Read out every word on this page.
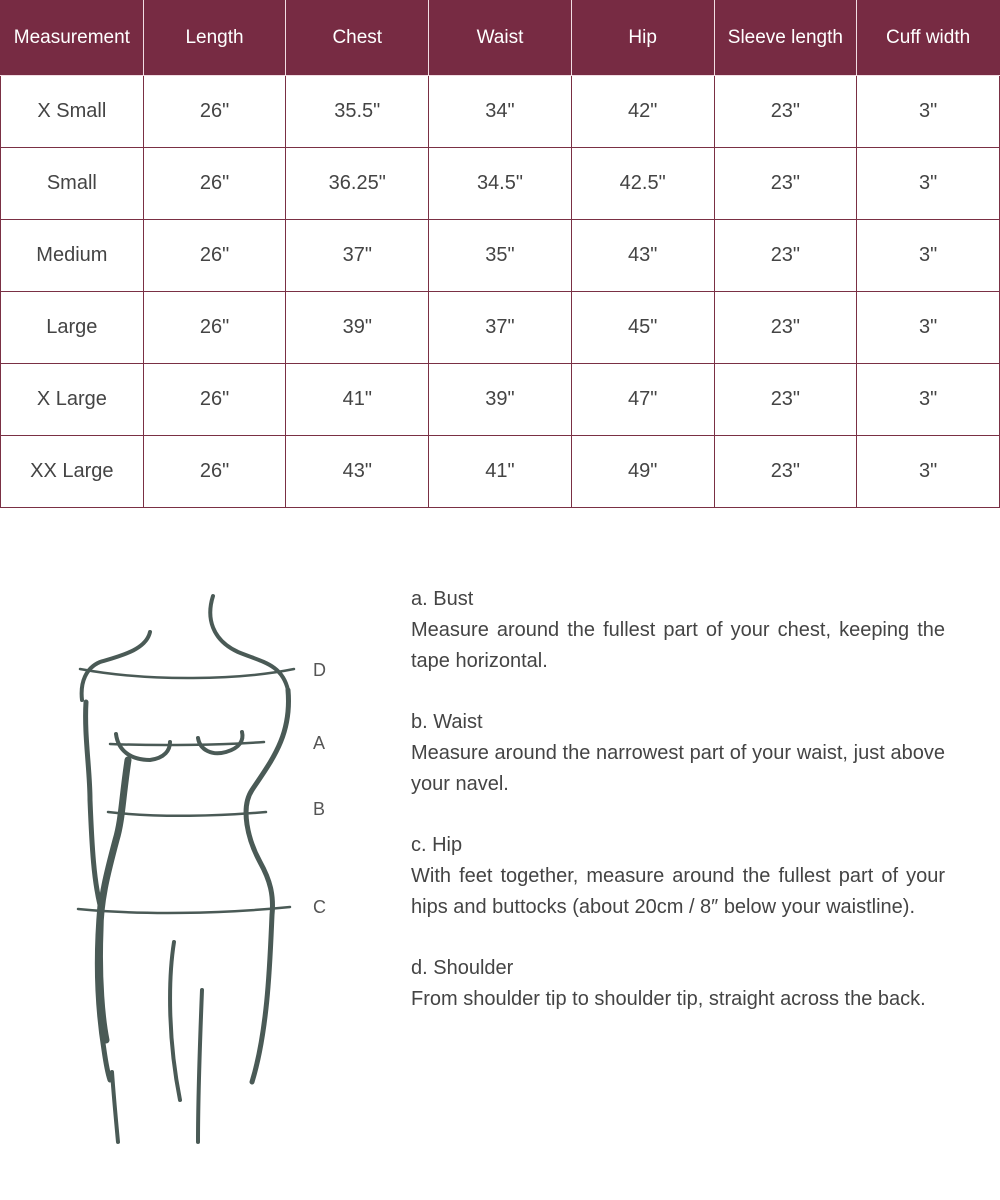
Measurement	Length	Chest	Waist	Hip	Sleeve length	Cuff width
X Small	26"	35.5"	34"	42"	23"	3"
Small	26"	36.25"	34.5"	42.5"	23"	3"
Medium	26"	37"	35"	43"	23"	3"
Large	26"	39"	37"	45"	23"	3"
X Large	26"	41"	39"	47"	23"	3"
XX Large	26"	43"	41"	49"	23"	3"
D
A
B
C
a. Bust
Measure around the fullest part of your chest, keeping the tape horizontal.
b. Waist
Measure around the narrowest part of your waist, just above your navel.
c. Hip
With feet together, measure around the fullest part of your hips and buttocks (about 20cm / 8″ below your waistline).
d. Shoulder
From shoulder tip to shoulder tip, straight across the back.
